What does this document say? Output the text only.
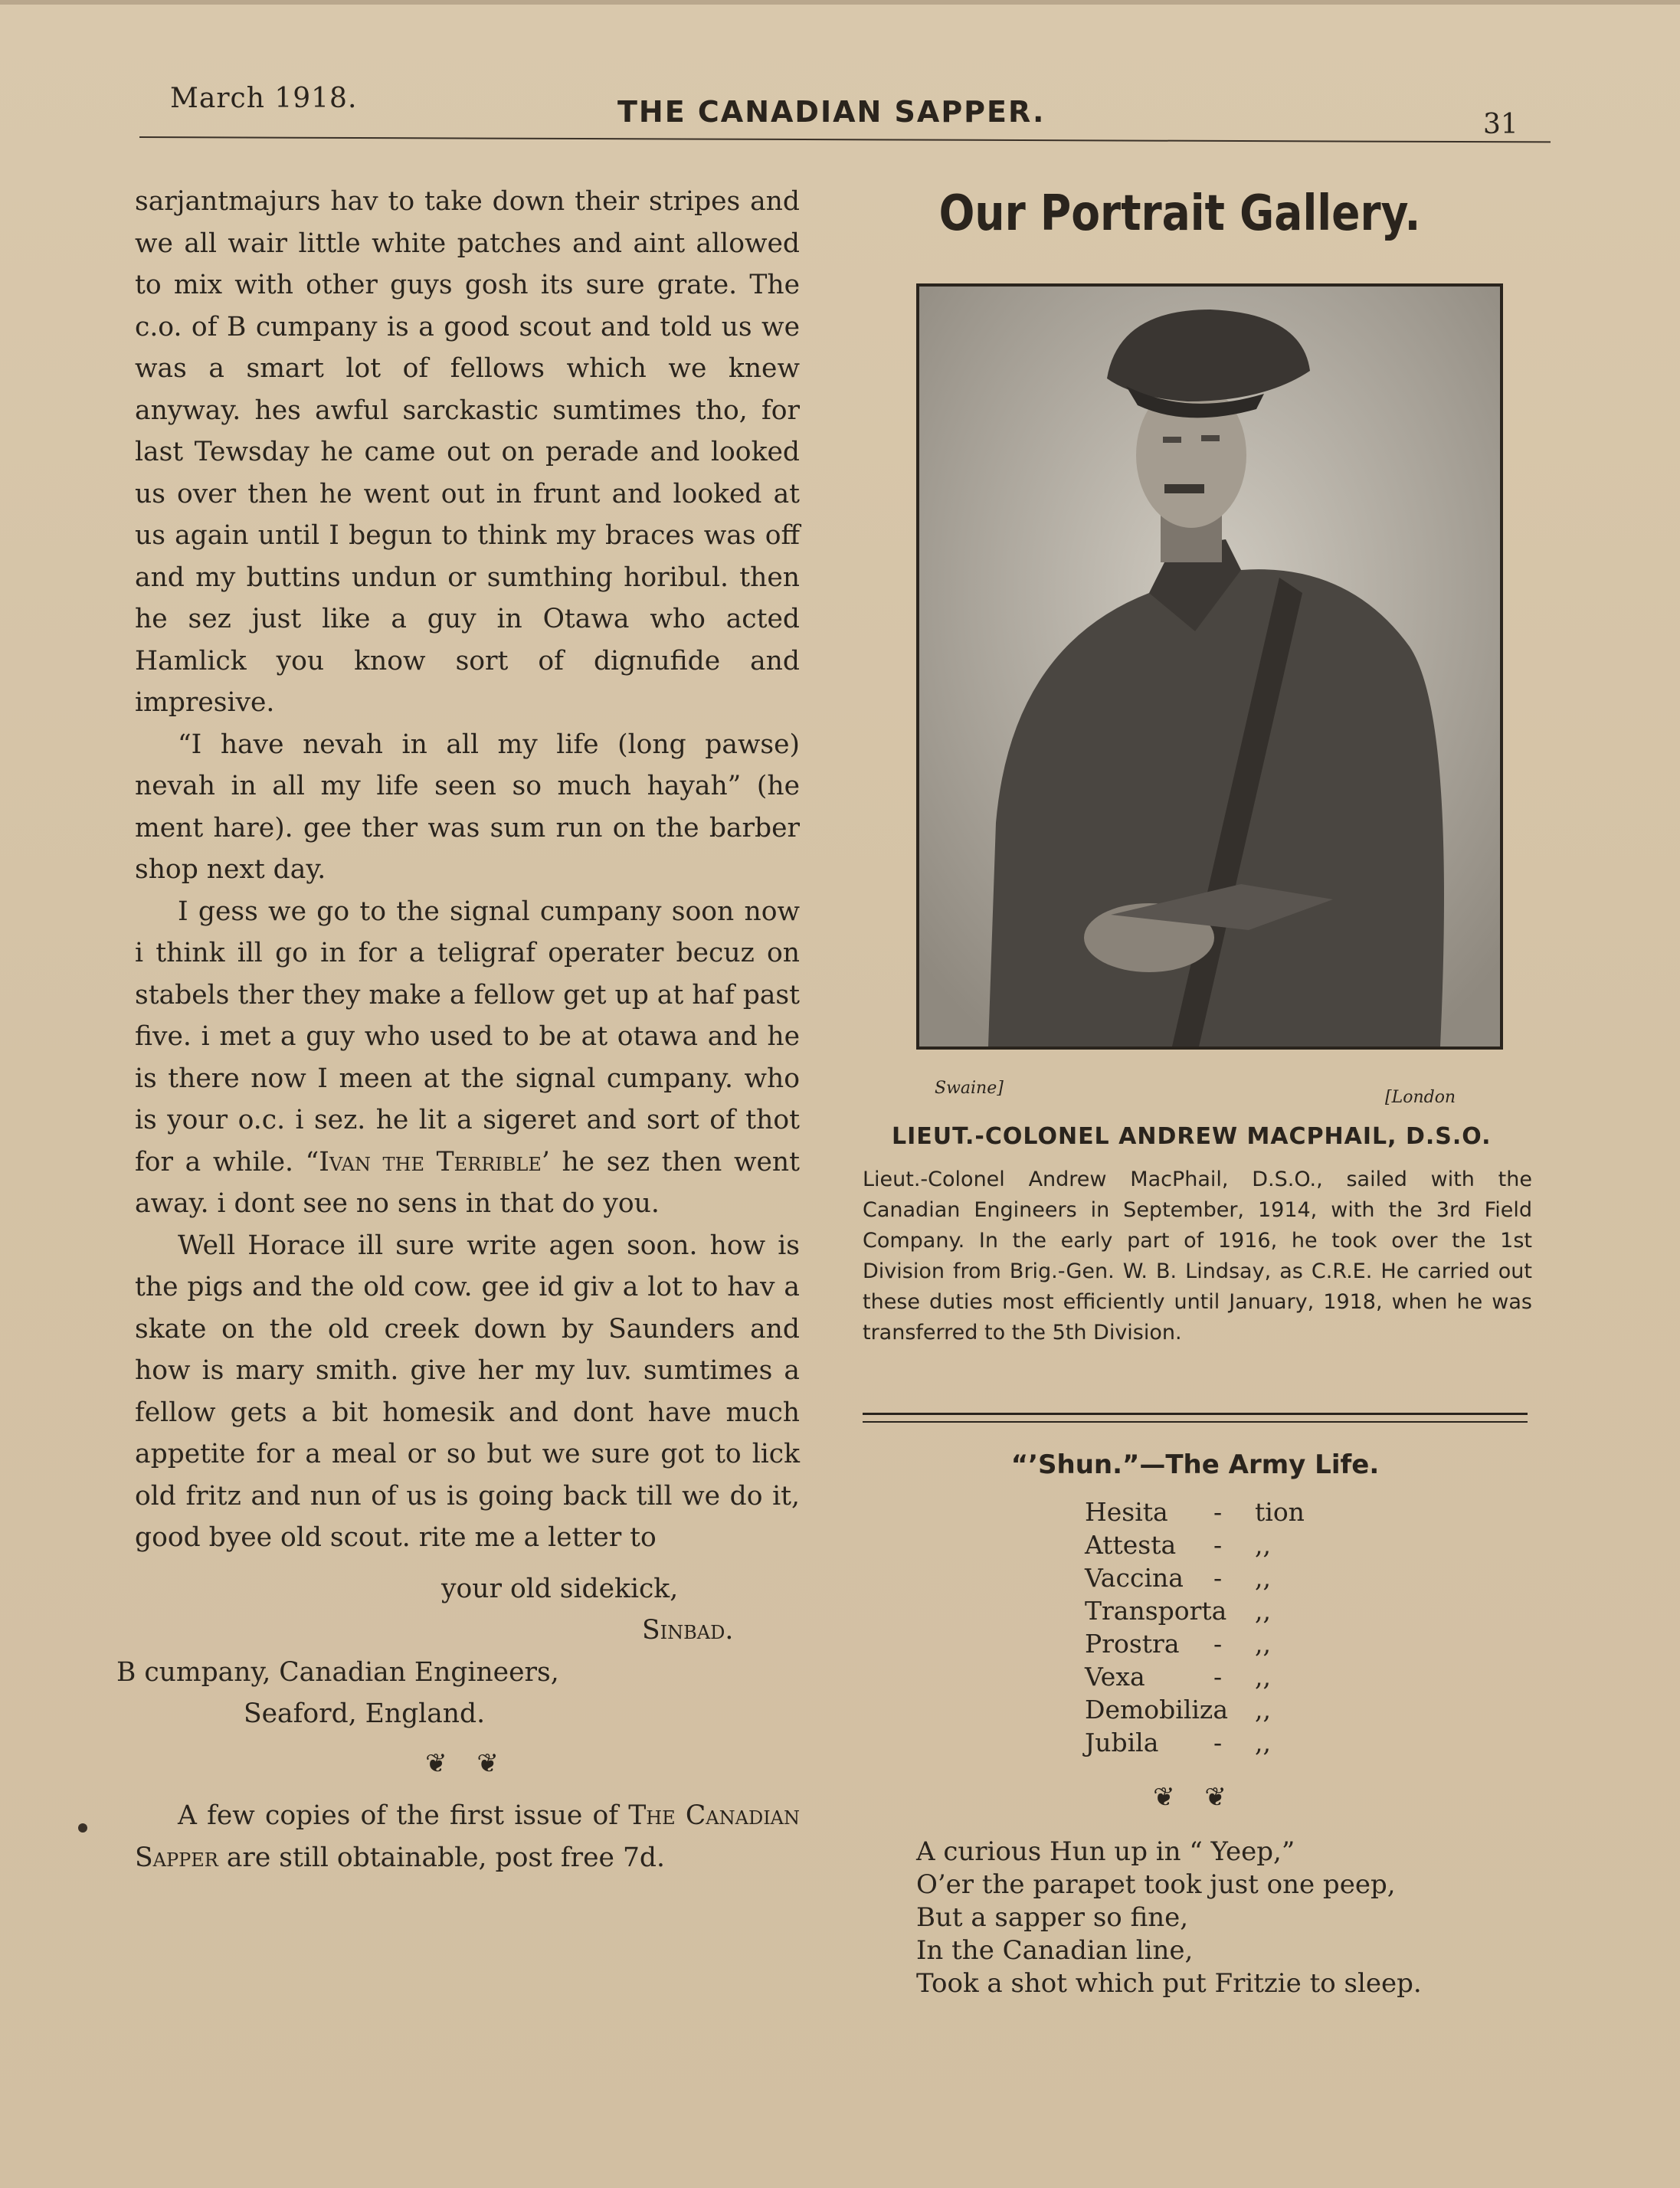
March 1918.	THE CANADIAN SAPPER.	31

sarjantmajurs hav to take down their stripes and we all wair little white patches and aint allowed to mix with other guys gosh its sure grate. The c.o. of B cumpany is a good scout and told us we was a smart lot of fellows which we knew anyway. hes awful sarckastic sumtimes tho, for last Tewsday he came out on perade and looked us over then he went out in frunt and looked at us again until I begun to think my braces was off and my buttins undun or sumthing horibul. then he sez just like a guy in Otawa who acted Hamlick you know sort of dignufide and impresive.

“I have nevah in all my life (long pawse) nevah in all my life seen so much hayah” (he ment hare). gee ther was sum run on the barber shop next day.

I gess we go to the signal cumpany soon now i think ill go in for a teligraf operater becuz on stabels ther they make a fellow get up at haf past five. i met a guy who used to be at otawa and he is there now I meen at the signal cumpany. who is your o.c. i sez. he lit a sigeret and sort of thot for a while. “Ivan the Terrible’ he sez then went away. i dont see no sens in that do you.

Well Horace ill sure write agen soon. how is the pigs and the old cow. gee id giv a lot to hav a skate on the old creek down by Saunders and how is mary smith. give her my luv. sumtimes a fellow gets a bit homesik and dont have much appetite for a meal or so but we sure got to lick old fritz and nun of us is going back till we do it, good byee old scout. rite me a letter to

your old sidekick,

Sinbad.

B cumpany, Canadian Engineers,

Seaford, England.

❦ ❦

A few copies of the first issue of The Canadian Sapper are still obtainable, post free 7d.

Our Portrait Gallery.
Swaine]	[London
LIEUT.-COLONEL ANDREW MACPHAIL, D.S.O.

Lieut.-Colonel Andrew MacPhail, D.S.O., sailed with the Canadian Engineers in September, 1914, with the 3rd Field Company. In the early part of 1916, he took over the 1st Division from Brig.-Gen. W. B. Lindsay, as C.R.E. He carried out these duties most efficiently until January, 1918, when he was transferred to the 5th Division.

“’Shun.”—The Army Life.
Hesita	-	tion
Attesta	-	,,
Vaccina	-	,,
Transporta ,,
Prostra	-	,,
Vexa	-	,,
Demobiliza ,,
Jubila	-	,,
❦ ❦
A curious Hun up in “ Yeep,”
O’er the parapet took just one peep,
But a sapper so fine,
In the Canadian line,
Took a shot which put Fritzie to sleep.
